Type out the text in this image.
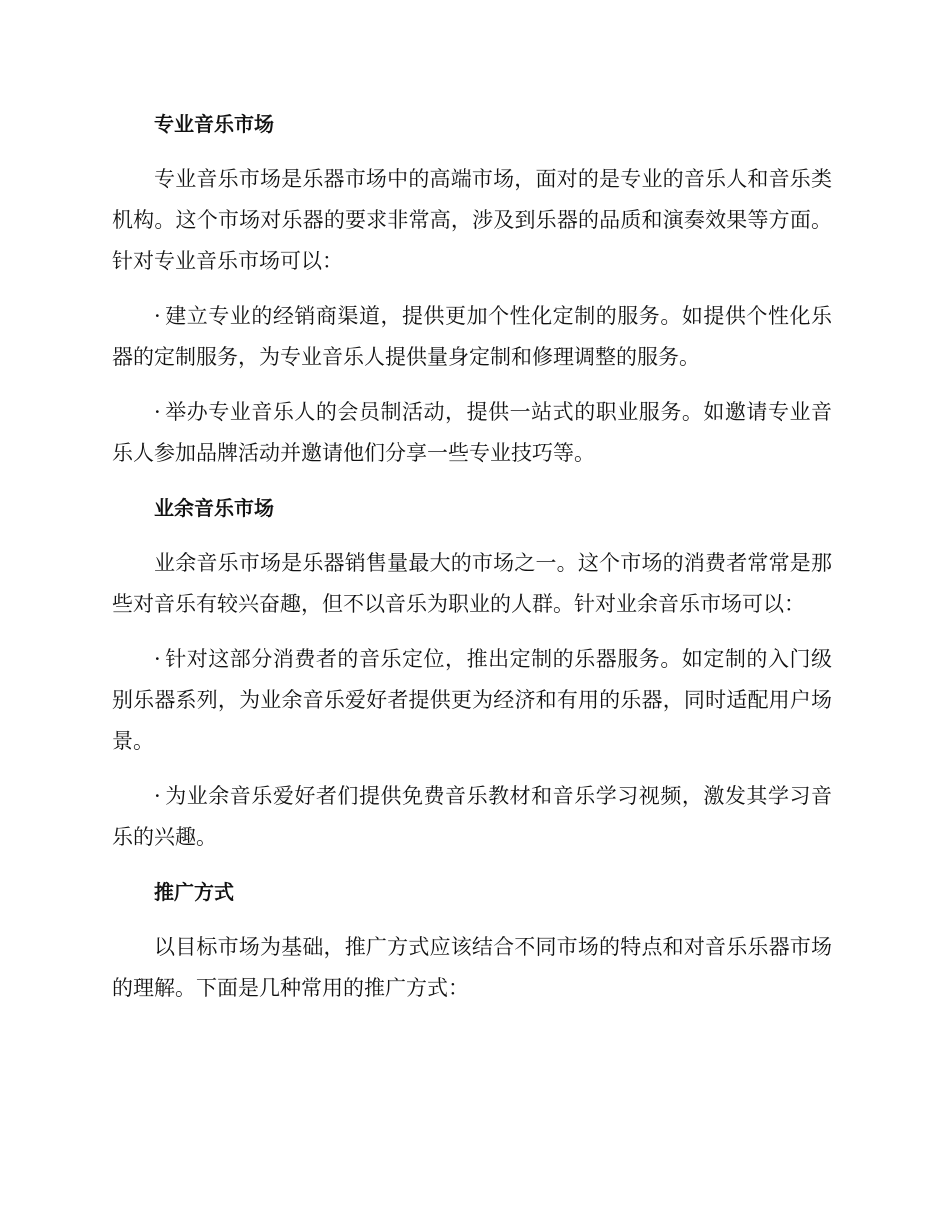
专业音乐市场

专业音乐市场是乐器市场中的高端市场，面对的是专业的音乐人和音乐类机构。这个市场对乐器的要求非常高，涉及到乐器的品质和演奏效果等方面。针对专业音乐市场可以：

· 建立专业的经销商渠道，提供更加个性化定制的服务。如提供个性化乐器的定制服务，为专业音乐人提供量身定制和修理调整的服务。

· 举办专业音乐人的会员制活动，提供一站式的职业服务。如邀请专业音乐人参加品牌活动并邀请他们分享一些专业技巧等。

业余音乐市场

业余音乐市场是乐器销售量最大的市场之一。这个市场的消费者常常是那些对音乐有较兴奋趣，但不以音乐为职业的人群。针对业余音乐市场可以：

· 针对这部分消费者的音乐定位，推出定制的乐器服务。如定制的入门级别乐器系列，为业余音乐爱好者提供更为经济和有用的乐器，同时适配用户场景。

· 为业余音乐爱好者们提供免费音乐教材和音乐学习视频，激发其学习音乐的兴趣。

推广方式

以目标市场为基础，推广方式应该结合不同市场的特点和对音乐乐器市场的理解。下面是几种常用的推广方式：
